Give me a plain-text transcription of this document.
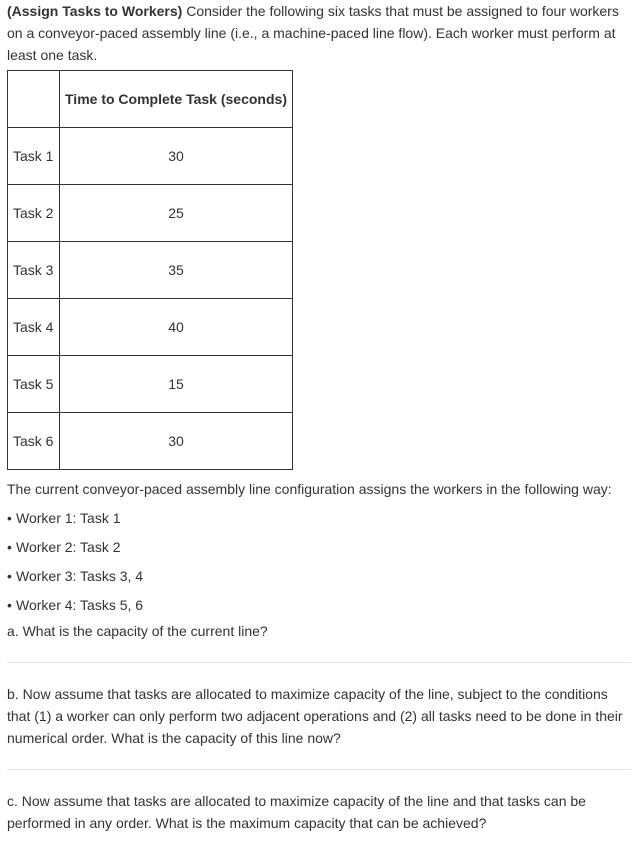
(Assign Tasks to Workers) Consider the following six tasks that must be assigned to four workers on a conveyor-paced assembly line (i.e., a machine-paced line flow). Each worker must perform at least one task.

	Time to Complete Task (seconds)
Task 1	30
Task 2	25
Task 3	35
Task 4	40
Task 5	15
Task 6	30

The current conveyor-paced assembly line configuration assigns the workers in the following way:

• Worker 1: Task 1
• Worker 2: Task 2
• Worker 3: Tasks 3, 4
• Worker 4: Tasks 5, 6

a. What is the capacity of the current line?

b. Now assume that tasks are allocated to maximize capacity of the line, subject to the conditions that (1) a worker can only perform two adjacent operations and (2) all tasks need to be done in their numerical order. What is the capacity of this line now?

c. Now assume that tasks are allocated to maximize capacity of the line and that tasks can be performed in any order. What is the maximum capacity that can be achieved?
